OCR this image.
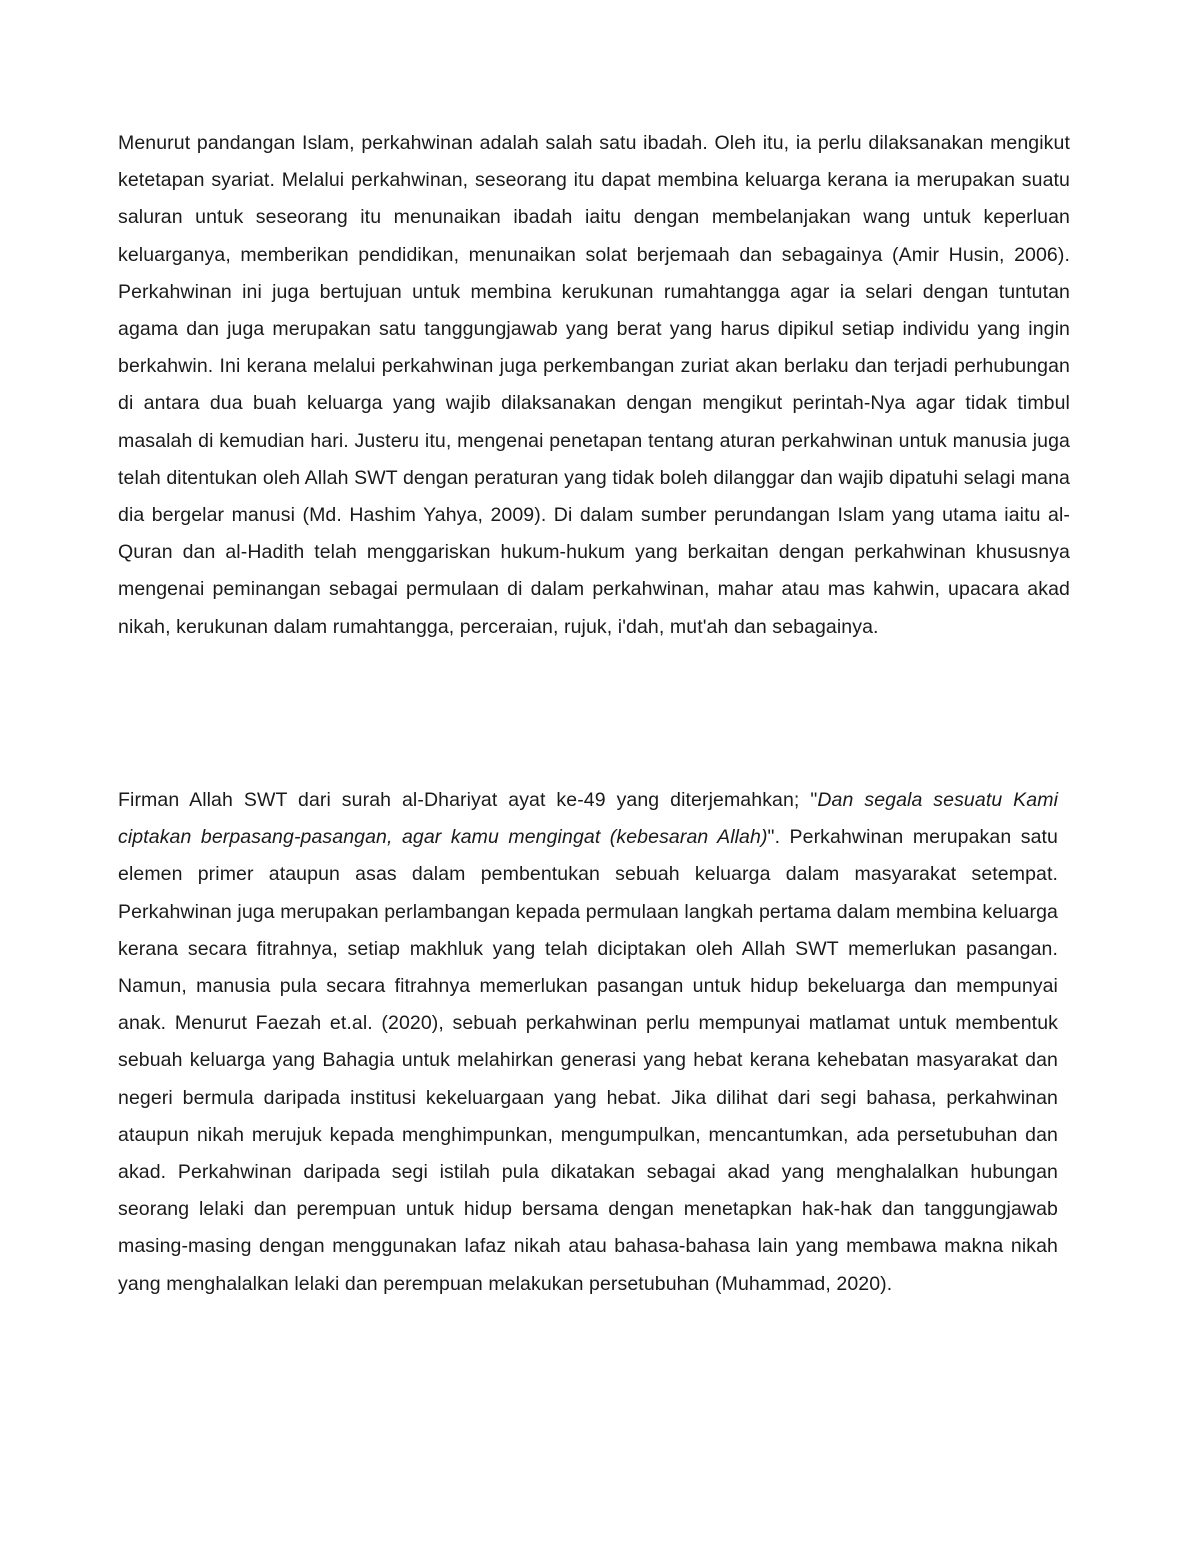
Menurut pandangan Islam, perkahwinan adalah salah satu ibadah. Oleh itu, ia perlu dilaksanakan mengikut ketetapan syariat. Melalui perkahwinan, seseorang itu dapat membina keluarga kerana ia merupakan suatu saluran untuk seseorang itu menunaikan ibadah iaitu dengan membelanjakan wang untuk keperluan keluarganya, memberikan pendidikan, menunaikan solat berjemaah dan sebagainya (Amir Husin, 2006). Perkahwinan ini juga bertujuan untuk membina kerukunan rumahtangga agar ia selari dengan tuntutan agama dan juga merupakan satu tanggungjawab yang berat yang harus dipikul setiap individu yang ingin berkahwin. Ini kerana melalui perkahwinan juga perkembangan zuriat akan berlaku dan terjadi perhubungan di antara dua buah keluarga yang wajib dilaksanakan dengan mengikut perintah-Nya agar tidak timbul masalah di kemudian hari. Justeru itu, mengenai penetapan tentang aturan perkahwinan untuk manusia juga telah ditentukan oleh Allah SWT dengan peraturan yang tidak boleh dilanggar dan wajib dipatuhi selagi mana dia bergelar manusi (Md. Hashim Yahya, 2009). Di dalam sumber perundangan Islam yang utama iaitu al-Quran dan al-Hadith telah menggariskan hukum-hukum yang berkaitan dengan perkahwinan khususnya mengenai peminangan sebagai permulaan di dalam perkahwinan, mahar atau mas kahwin, upacara akad nikah, kerukunan dalam rumahtangga, perceraian, rujuk, i'dah, mut'ah dan sebagainya.

Firman Allah SWT dari surah al-Dhariyat ayat ke-49 yang diterjemahkan; "Dan segala sesuatu Kami ciptakan berpasang-pasangan, agar kamu mengingat (kebesaran Allah)". Perkahwinan merupakan satu elemen primer ataupun asas dalam pembentukan sebuah keluarga dalam masyarakat setempat. Perkahwinan juga merupakan perlambangan kepada permulaan langkah pertama dalam membina keluarga kerana secara fitrahnya, setiap makhluk yang telah diciptakan oleh Allah SWT memerlukan pasangan. Namun, manusia pula secara fitrahnya memerlukan pasangan untuk hidup bekeluarga dan mempunyai anak. Menurut Faezah et.al. (2020), sebuah perkahwinan perlu mempunyai matlamat untuk membentuk sebuah keluarga yang Bahagia untuk melahirkan generasi yang hebat kerana kehebatan masyarakat dan negeri bermula daripada institusi kekeluargaan yang hebat. Jika dilihat dari segi bahasa, perkahwinan ataupun nikah merujuk kepada menghimpunkan, mengumpulkan, mencantumkan, ada persetubuhan dan akad. Perkahwinan daripada segi istilah pula dikatakan sebagai akad yang menghalalkan hubungan seorang lelaki dan perempuan untuk hidup bersama dengan menetapkan hak-hak dan tanggungjawab masing-masing dengan menggunakan lafaz nikah atau bahasa-bahasa lain yang membawa makna nikah yang menghalalkan lelaki dan perempuan melakukan persetubuhan (Muhammad, 2020).
